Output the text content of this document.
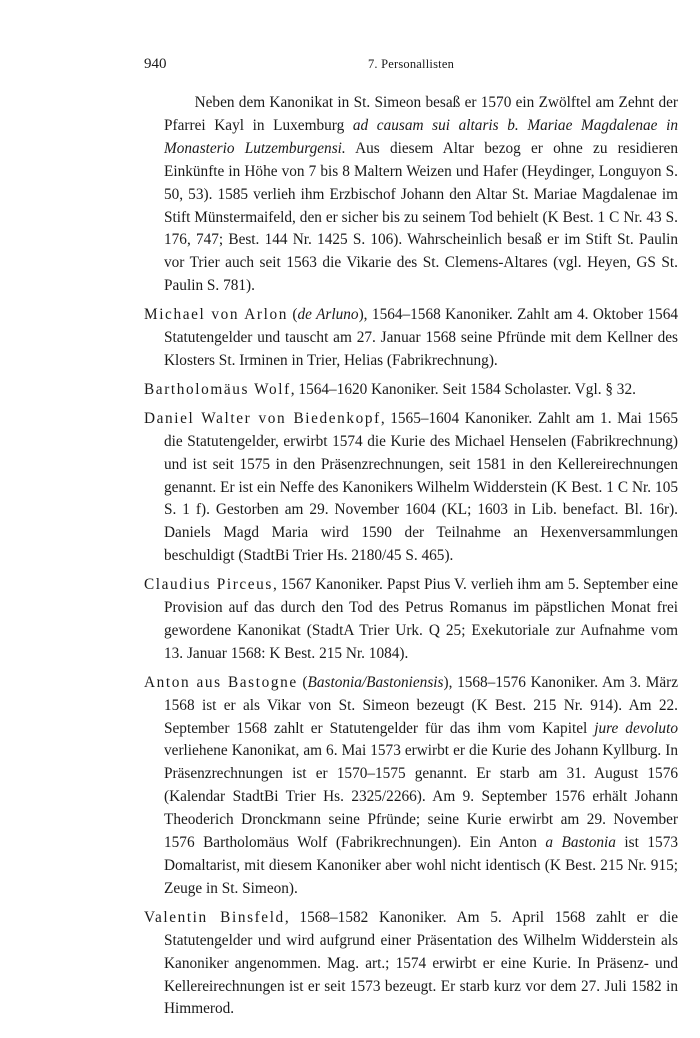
940	7. Personallisten

Neben dem Kanonikat in St. Simeon besaß er 1570 ein Zwölftel am Zehnt der Pfarrei Kayl in Luxemburg ad causam sui altaris b. Mariae Magdalenae in Monasterio Lutzemburgensi. Aus diesem Altar bezog er ohne zu residieren Einkünfte in Höhe von 7 bis 8 Maltern Weizen und Hafer (Heydinger, Longuyon S. 50, 53). 1585 verlieh ihm Erzbischof Johann den Altar St. Mariae Magdalenae im Stift Münstermaifeld, den er sicher bis zu seinem Tod behielt (K Best. 1 C Nr. 43 S. 176, 747; Best. 144 Nr. 1425 S. 106). Wahrscheinlich besaß er im Stift St. Paulin vor Trier auch seit 1563 die Vikarie des St. Clemens-Altares (vgl. Heyen, GS St. Paulin S. 781).

Michael von Arlon (de Arluno), 1564–1568 Kanoniker. Zahlt am 4. Oktober 1564 Statutengelder und tauscht am 27. Januar 1568 seine Pfründe mit dem Kellner des Klosters St. Irminen in Trier, Helias (Fabrikrechnung).

Bartholomäus Wolf, 1564–1620 Kanoniker. Seit 1584 Scholaster. Vgl. § 32.

Daniel Walter von Biedenkopf, 1565–1604 Kanoniker. Zahlt am 1. Mai 1565 die Statutengelder, erwirbt 1574 die Kurie des Michael Henselen (Fabrikrechnung) und ist seit 1575 in den Präsenzrechnungen, seit 1581 in den Kellereirechnungen genannt. Er ist ein Neffe des Kanonikers Wilhelm Widderstein (K Best. 1 C Nr. 105 S. 1 f). Gestorben am 29. November 1604 (KL; 1603 in Lib. benefact. Bl. 16r). Daniels Magd Maria wird 1590 der Teilnahme an Hexenversammlungen beschuldigt (StadtBi Trier Hs. 2180/45 S. 465).

Claudius Pirceus, 1567 Kanoniker. Papst Pius V. verlieh ihm am 5. September eine Provision auf das durch den Tod des Petrus Romanus im päpstlichen Monat frei gewordene Kanonikat (StadtA Trier Urk. Q 25; Exekutoriale zur Aufnahme vom 13. Januar 1568: K Best. 215 Nr. 1084).

Anton aus Bastogne (Bastonia/Bastoniensis), 1568–1576 Kanoniker. Am 3. März 1568 ist er als Vikar von St. Simeon bezeugt (K Best. 215 Nr. 914). Am 22. September 1568 zahlt er Statutengelder für das ihm vom Kapitel jure devoluto verliehene Kanonikat, am 6. Mai 1573 erwirbt er die Kurie des Johann Kyllburg. In Präsenzrechnungen ist er 1570–1575 genannt. Er starb am 31. August 1576 (Kalendar StadtBi Trier Hs. 2325/2266). Am 9. September 1576 erhält Johann Theoderich Dronckmann seine Pfründe; seine Kurie erwirbt am 29. November 1576 Bartholomäus Wolf (Fabrikrechnungen). Ein Anton a Bastonia ist 1573 Domaltarist, mit diesem Kanoniker aber wohl nicht identisch (K Best. 215 Nr. 915; Zeuge in St. Simeon).

Valentin Binsfeld, 1568–1582 Kanoniker. Am 5. April 1568 zahlt er die Statutengelder und wird aufgrund einer Präsentation des Wilhelm Widderstein als Kanoniker angenommen. Mag. art.; 1574 erwirbt er eine Kurie. In Präsenz- und Kellereirechnungen ist er seit 1573 bezeugt. Er starb kurz vor dem 27. Juli 1582 in Himmerod.
